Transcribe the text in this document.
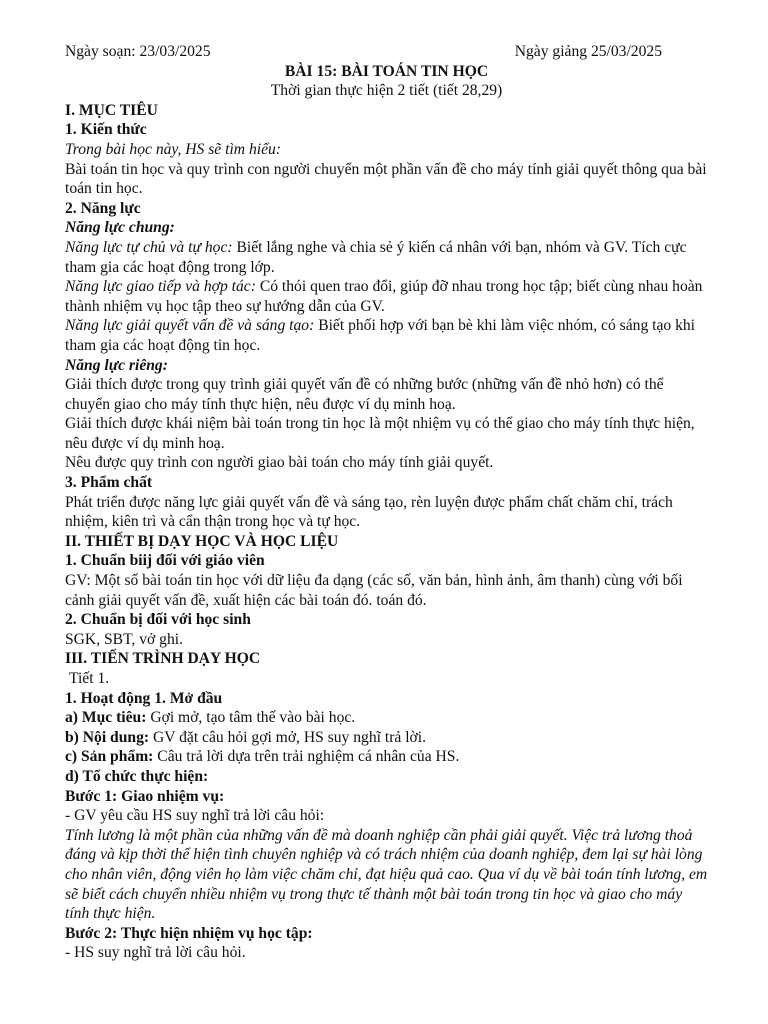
Ngày soạn: 23/03/2025	Ngày giảng 25/03/2025

BÀI 15: BÀI TOÁN TIN HỌC

Thời gian thực hiện 2 tiết (tiết 28,29)

I. MỤC TIÊU

1. Kiến thức

Trong bài học này, HS sẽ tìm hiểu:

Bài toán tin học và quy trình con người chuyển một phần vấn đề cho máy tính giải quyết thông qua bài toán tin học.

2. Năng lực

Năng lực chung:

Năng lực tự chủ và tự học: Biết lắng nghe và chia sẻ ý kiến cá nhân với bạn, nhóm và GV. Tích cực tham gia các hoạt động trong lớp.

Năng lực giao tiếp và hợp tác: Có thói quen trao đổi, giúp đỡ nhau trong học tập; biết cùng nhau hoàn thành nhiệm vụ học tập theo sự hướng dẫn của GV.

Năng lực giải quyết vấn đề và sáng tạo: Biết phối hợp với bạn bè khi làm việc nhóm, có sáng tạo khi tham gia các hoạt động tin học.

Năng lực riêng:

Giải thích được trong quy trình giải quyết vấn đề có những bước (những vấn đề nhỏ hơn) có thể chuyển giao cho máy tính thực hiện, nêu được ví dụ minh hoạ.

Giải thích được khái niệm bài toán trong tin học là một nhiệm vụ có thể giao cho máy tính thực hiện, nêu được ví dụ minh hoạ.

Nêu được quy trình con người giao bài toán cho máy tính giải quyết.

3. Phẩm chất

Phát triển được năng lực giải quyết vấn đề và sáng tạo, rèn luyện được phẩm chất chăm chỉ, trách nhiệm, kiên trì và cẩn thận trong học và tự học.

II. THIẾT BỊ DẠY HỌC VÀ HỌC LIỆU

1. Chuẩn biij đối với giáo viên

GV: Một số bài toán tin học với dữ liệu đa dạng (các số, văn bản, hình ảnh, âm thanh) cùng với bối cảnh giải quyết vấn đề, xuất hiện các bài toán đó. toán đó.

2. Chuẩn bị đối với học sinh

SGK, SBT, vở ghi.

III. TIẾN TRÌNH DẠY HỌC

Tiết 1.

1. Hoạt động 1. Mở đầu

a) Mục tiêu: Gợi mở, tạo tâm thế vào bài học.

b) Nội dung: GV đặt câu hỏi gợi mở, HS suy nghĩ trả lời.

c) Sản phẩm: Câu trả lời dựa trên trải nghiệm cá nhân của HS.

d) Tổ chức thực hiện:

Bước 1: Giao nhiệm vụ:

- GV yêu cầu HS suy nghĩ trả lời câu hỏi:

Tính lương là một phần của những vấn đề mà doanh nghiệp cần phải giải quyết. Việc trả lương thoả đáng và kịp thời thể hiện tình chuyên nghiệp và có trách nhiệm của doanh nghiệp, đem lại sự hài lòng cho nhân viên, động viên họ làm việc chăm chỉ, đạt hiệu quả cao. Qua ví dụ về bài toán tính lương, em sẽ biết cách chuyển nhiều nhiệm vụ trong thực tế thành một bài toán trong tin học và giao cho máy tính thực hiện.

Bước 2: Thực hiện nhiệm vụ học tập:

- HS suy nghĩ trả lời câu hỏi.
